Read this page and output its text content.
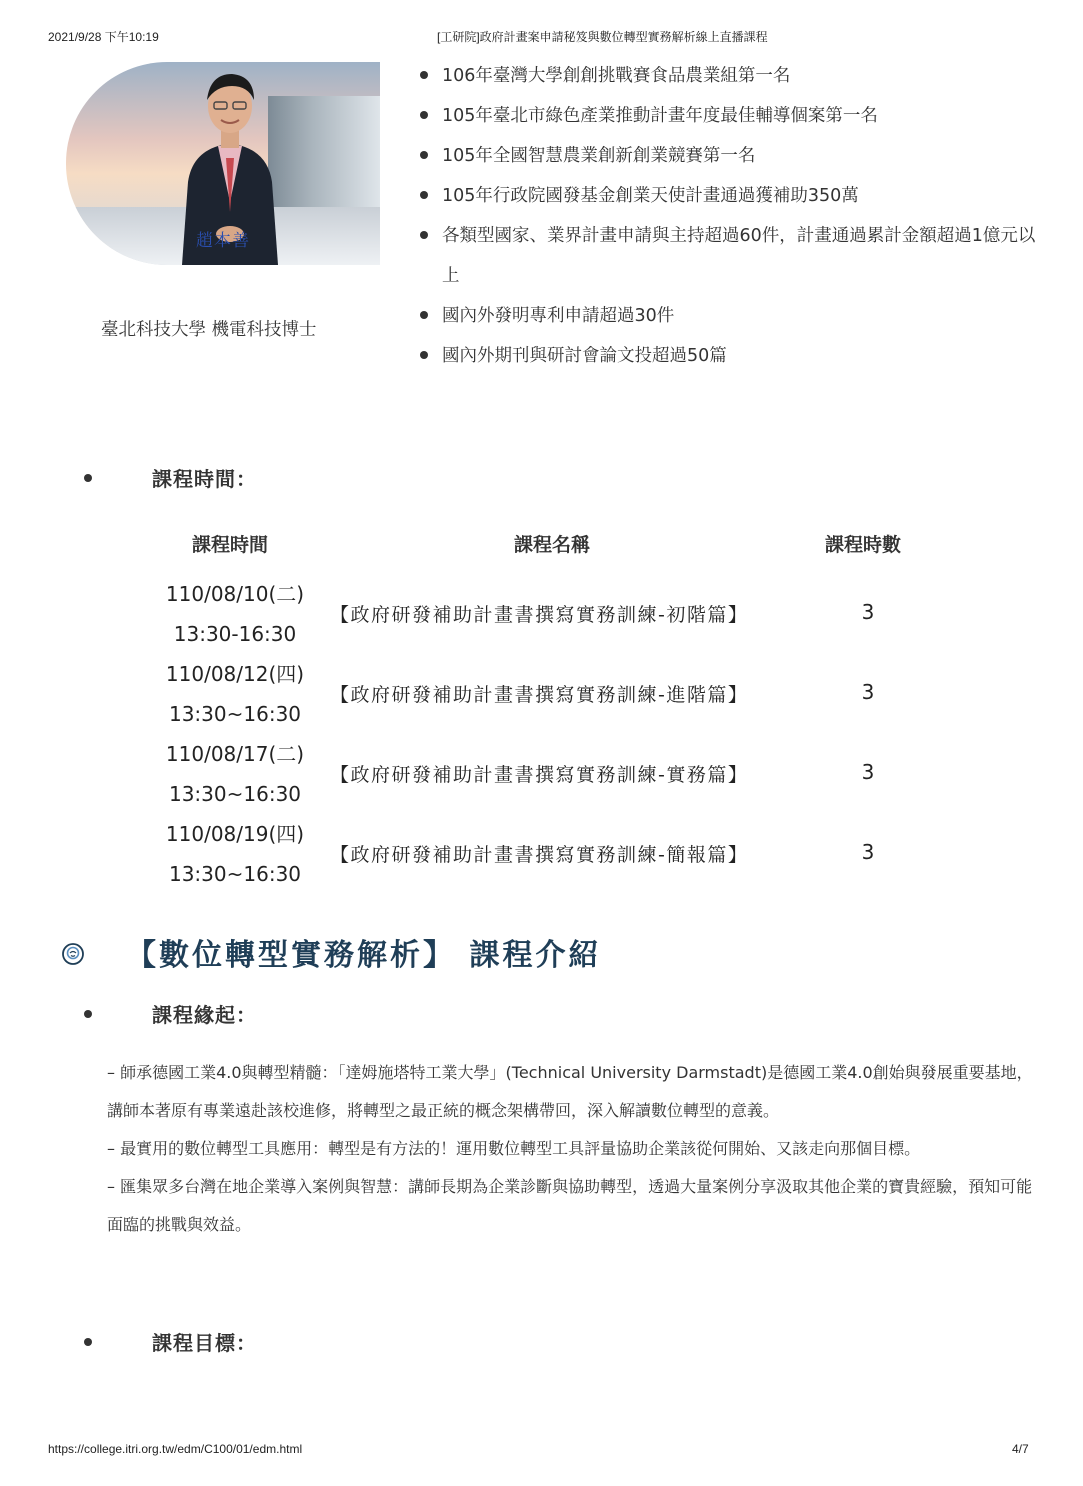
2021/9/28 下午10:19	[工研院]政府計畫案申請秘笈與數位轉型實務解析線上直播課程
https://college.itri.org.tw/edm/C100/01/edm.html	4/7
趙本善
臺北科技大學 機電科技博士
106年臺灣大學創創挑戰賽食品農業組第一名
105年臺北市綠色產業推動計畫年度最佳輔導個案第一名
105年全國智慧農業創新創業競賽第一名
105年行政院國發基金創業天使計畫通過獲補助350萬
各類型國家、業界計畫申請與主持超過60件，計畫通過累計金額超過1億元以上
國內外發明專利申請超過30件
國內外期刊與研討會論文投超過50篇
課程時間：
課程時間	課程名稱	課程時數
110/08/10(二)
13:30-16:30
【政府研發補助計畫書撰寫實務訓練-初階篇】	3
110/08/12(四)
13:30~16:30
【政府研發補助計畫書撰寫實務訓練-進階篇】	3
110/08/17(二)
13:30~16:30
【政府研發補助計畫書撰寫實務訓練-實務篇】	3
110/08/19(四)
13:30~16:30
【政府研發補助計畫書撰寫實務訓練-簡報篇】	3
【數位轉型實務解析】 課程介紹
課程緣起：
– 師承德國工業4.0與轉型精髓：「達姆施塔特工業大學」(Technical University Darmstadt)是德國工業4.0創始與發展重要基地，講師本著原有專業遠赴該校進修，將轉型之最正統的概念架構帶回，深入解讀數位轉型的意義。
– 最實用的數位轉型工具應用：轉型是有方法的！運用數位轉型工具評量協助企業該從何開始、又該走向那個目標。
– 匯集眾多台灣在地企業導入案例與智慧：講師長期為企業診斷與協助轉型，透過大量案例分享汲取其他企業的寶貴經驗，預知可能面臨的挑戰與效益。
課程目標：
